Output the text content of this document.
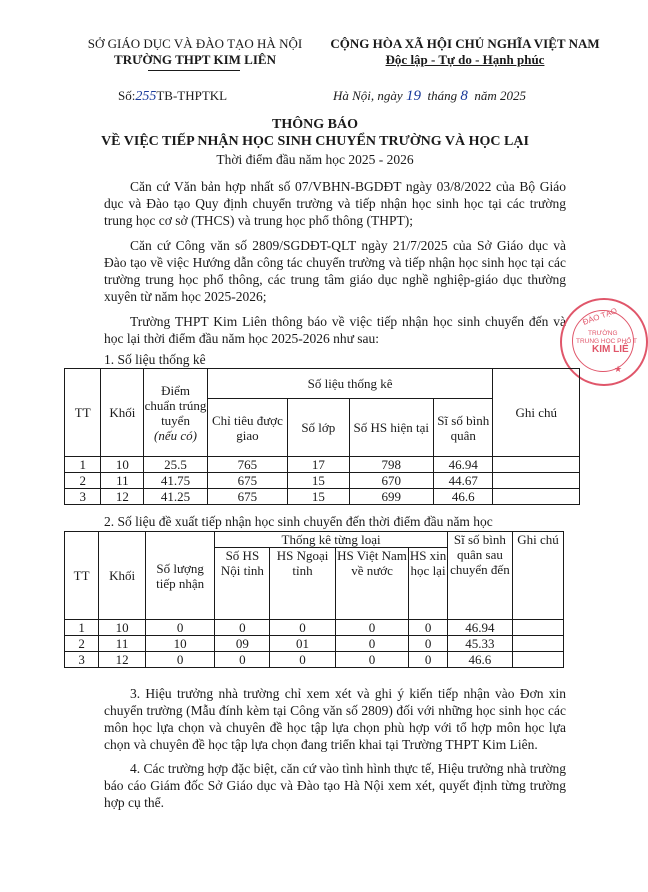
SỞ GIÁO DỤC VÀ ĐÀO TẠO HÀ NỘI
TRƯỜNG THPT KIM LIÊN
CỘNG HÒA XÃ HỘI CHỦ NGHĨA VIỆT NAM
Độc lập - Tự do - Hạnh phúc
Số:255TB-THPTKL	Hà Nội, ngày 19 tháng 8 năm 2025
THÔNG BÁO
VỀ VIỆC TIẾP NHẬN HỌC SINH CHUYỂN TRƯỜNG VÀ HỌC LẠI
Thời điểm đầu năm học 2025 - 2026
Căn cứ Văn bản hợp nhất số 07/VBHN-BGDĐT ngày 03/8/2022 của Bộ Giáo dục và Đào tạo Quy định chuyển trường và tiếp nhận học sinh học tại các trường trung học cơ sở (THCS) và trung học phổ thông (THPT);
Căn cứ Công văn số 2809/SGDĐT-QLT ngày 21/7/2025 của Sở Giáo dục và Đào tạo về việc Hướng dẫn công tác chuyển trường và tiếp nhận học sinh học tại các trường trung học phổ thông, các trung tâm giáo dục nghề nghiệp-giáo dục thường xuyên từ năm học 2025-2026;
Trường THPT Kim Liên thông báo về việc tiếp nhận học sinh chuyển đến và học lại thời điểm đầu năm học 2025-2026 như sau:
ĐÀO TẠO
TRƯỜNG
TRUNG HỌC PHỔ T
KIM LIÊ
★
1. Số liệu thống kê
TT	Khối	Điểm chuẩn trúng tuyển
(nếu có)	Số liệu thống kê				Ghi chú
			Chỉ tiêu được giao	Số lớp	Số HS hiện tại	Sĩ số bình quân	
1	10	25.5	765	17	798	46.94	
2	11	41.75	675	15	670	44.67	
3	12	41.25	675	15	699	46.6	
2. Số liệu đề xuất tiếp nhận học sinh chuyển đến thời điểm đầu năm học
TT	Khối	Số lượng tiếp nhận	Thống kê từng loại				Sĩ số bình quân sau chuyển đến	Ghi chú
			Số HS Nội tỉnh	HS Ngoại tỉnh	HS Việt Nam về nước	HS xin học lại		
1	10	0	0	0	0	0	46.94	
2	11	10	09	01	0	0	45.33	
3	12	0	0	0	0	0	46.6	
3. Hiệu trưởng nhà trường chỉ xem xét và ghi ý kiến tiếp nhận vào Đơn xin chuyển trường (Mẫu đính kèm tại Công văn số 2809) đối với những học sinh học các môn học lựa chọn và chuyên đề học tập lựa chọn phù hợp với tổ hợp môn học lựa chọn và chuyên đề học tập lựa chọn đang triển khai tại Trường THPT Kim Liên.
4. Các trường hợp đặc biệt, căn cứ vào tình hình thực tế, Hiệu trưởng nhà trường báo cáo Giám đốc Sở Giáo dục và Đào tạo Hà Nội xem xét, quyết định từng trường hợp cụ thể.
